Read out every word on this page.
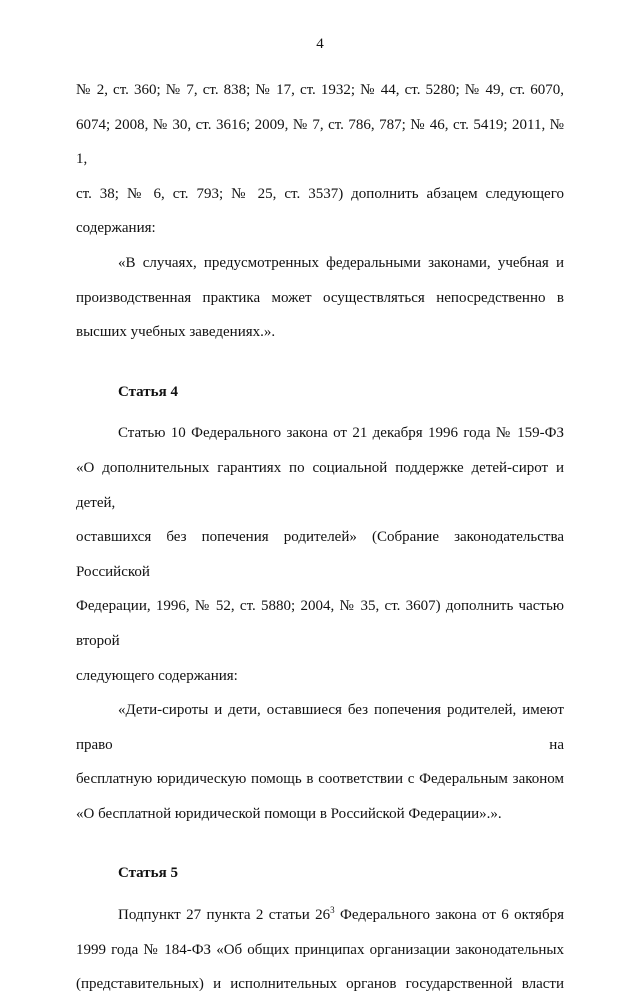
4

№ 2, ст. 360; № 7, ст. 838; № 17, ст. 1932; № 44, ст. 5280; № 49, ст. 6070,

6074; 2008, № 30, ст. 3616; 2009, № 7, ст. 786, 787; № 46, ст. 5419; 2011, № 1,

ст. 38; № 6, ст. 793; № 25, ст. 3537) дополнить абзацем следующего

содержания:

«В случаях, предусмотренных федеральными законами, учебная и

производственная практика может осуществляться непосредственно в

высших учебных заведениях.».

Статья 4

Статью 10 Федерального закона от 21 декабря 1996 года № 159-ФЗ

«О дополнительных гарантиях по социальной поддержке детей-сирот и детей,

оставшихся без попечения родителей» (Собрание законодательства Российской

Федерации, 1996, № 52, ст. 5880; 2004, № 35, ст. 3607) дополнить частью второй

следующего содержания:

«Дети-сироты и дети, оставшиеся без попечения родителей, имеют право на

бесплатную юридическую помощь в соответствии с Федеральным законом

«О бесплатной юридической помощи в Российской Федерации».».

Статья 5

Подпункт 27 пункта 2 статьи $26^3$ Федерального закона от 6 октября

1999 года № 184-ФЗ «Об общих принципах организации законодательных

(представительных) и исполнительных органов государственной власти
